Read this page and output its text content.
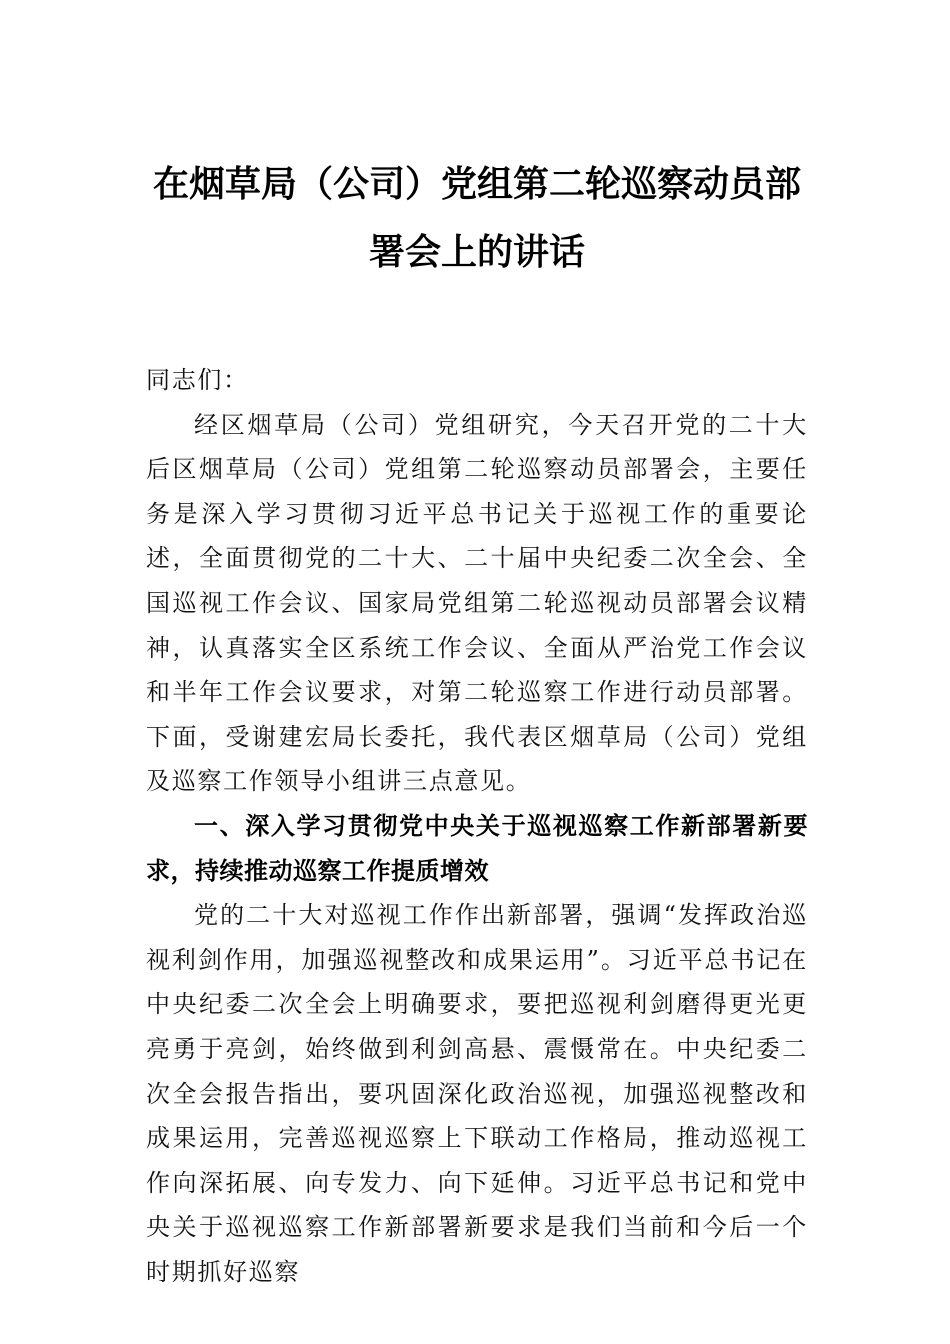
在烟草局（公司）党组第二轮巡察动员部
署会上的讲话

同志们：

经区烟草局（公司）党组研究，今天召开党的二十大后区烟草局（公司）党组第二轮巡察动员部署会，主要任务是深入学习贯彻习近平总书记关于巡视工作的重要论述，全面贯彻党的二十大、二十届中央纪委二次全会、全国巡视工作会议、国家局党组第二轮巡视动员部署会议精神，认真落实全区系统工作会议、全面从严治党工作会议和半年工作会议要求，对第二轮巡察工作进行动员部署。下面，受谢建宏局长委托，我代表区烟草局（公司）党组及巡察工作领导小组讲三点意见。

一、深入学习贯彻党中央关于巡视巡察工作新部署新要求，持续推动巡察工作提质增效

党的二十大对巡视工作作出新部署，强调“发挥政治巡视利剑作用，加强巡视整改和成果运用”。习近平总书记在中央纪委二次全会上明确要求，要把巡视利剑磨得更光更亮勇于亮剑，始终做到利剑高悬、震慑常在。中央纪委二次全会报告指出，要巩固深化政治巡视，加强巡视整改和成果运用，完善巡视巡察上下联动工作格局，推动巡视工作向深拓展、向专发力、向下延伸。习近平总书记和党中央关于巡视巡察工作新部署新要求是我们当前和今后一个时期抓好巡察
